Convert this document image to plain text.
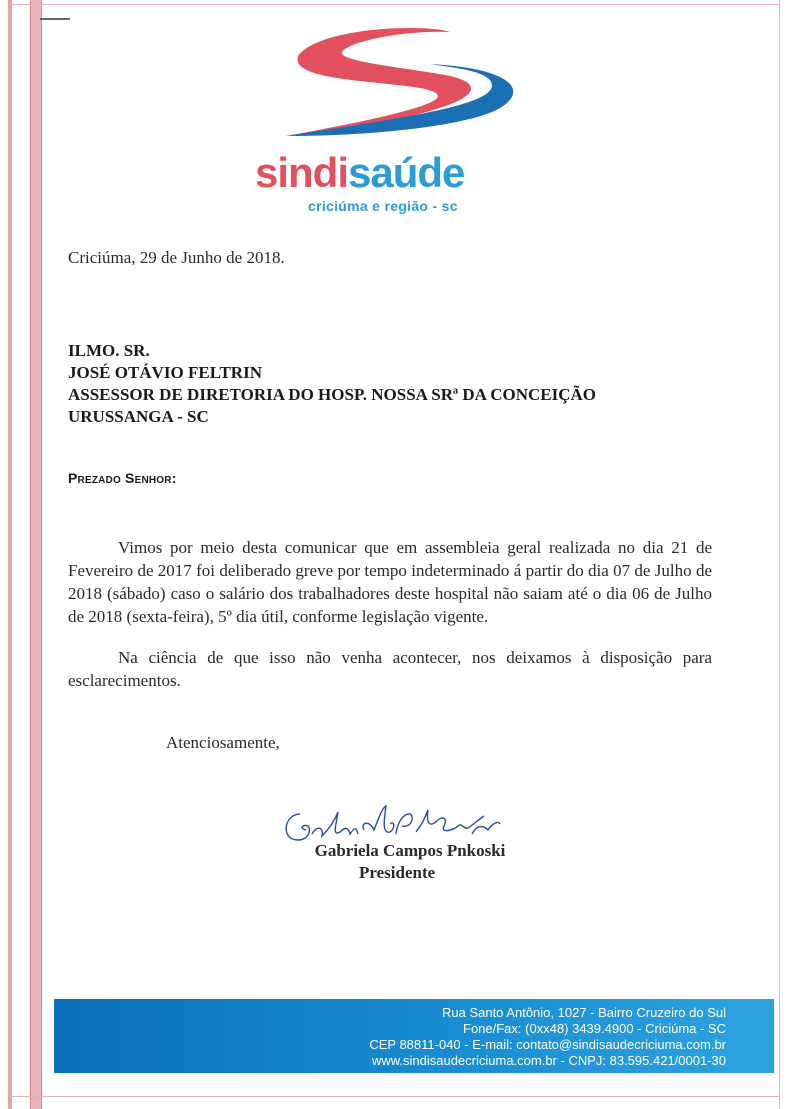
sindisaúde
criciúma e região - sc
Criciúma, 29 de Junho de 2018.
ILMO. SR.
JOSÉ OTÁVIO FELTRIN
ASSESSOR DE DIRETORIA DO HOSP. NOSSA SRª DA CONCEIÇÃO
URUSSANGA - SC
Prezado Senhor:

Vimos por meio desta comunicar que em assembleia geral realizada no dia 21 de Fevereiro de 2017 foi deliberado greve por tempo indeterminado á partir do dia 07 de Julho de 2018 (sábado) caso o salário dos trabalhadores deste hospital não saiam até o dia 06 de Julho de 2018 (sexta-feira), 5º dia útil, conforme legislação vigente.

Na ciência de que isso não venha acontecer, nos deixamos à disposição para esclarecimentos.

Atenciosamente,
Gabriela Campos Pnkoski
Presidente
Rua Santo Antônio, 1027 - Bairro Cruzeiro do Sul
Fone/Fax: (0xx48) 3439.4900 - Criciúma - SC
CEP 88811-040 - E-mail: contato@sindisaudecriciuma.com.br
www.sindisaudecriciuma.com.br - CNPJ: 83.595.421/0001-30
